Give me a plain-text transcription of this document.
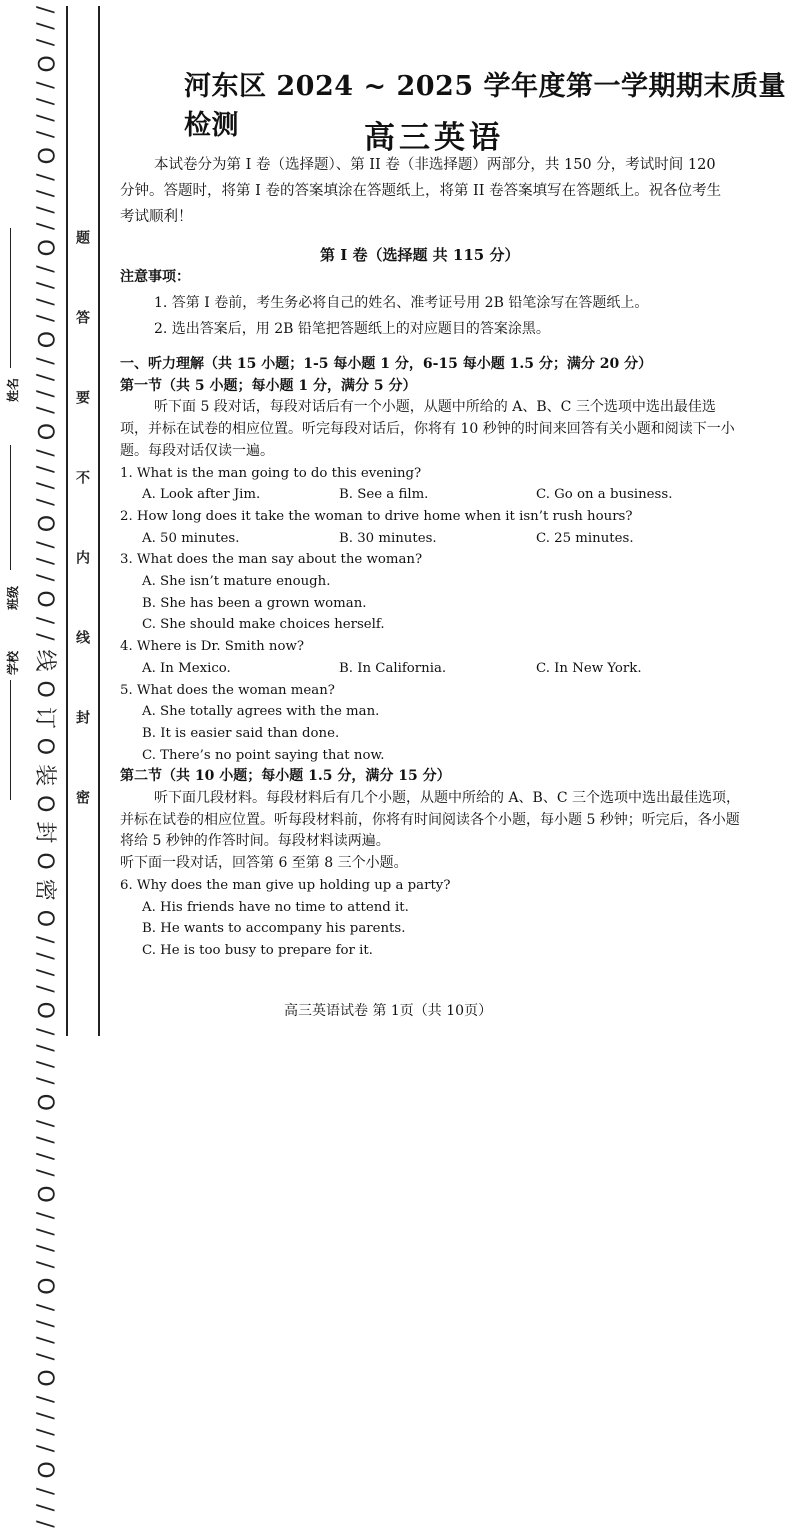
/ / / O / / / / O / / / / O / / / / O / / / / O / / / / O / / / O / / 线 O 订 O 装 O 封 O 密 O / / / / O / / / / O / / / / O / / / / O / / / / O / / / / O / / /	题
答
要
不
内
线
封
密
姓名
班级
学校
河东区 2024 ~ 2025 学年度第一学期期末质量检测	高三英语

本试卷分为第 I 卷（选择题）、第 II 卷（非选择题）两部分，共 150 分，考试时间 120 分钟。答题时，将第 I 卷的答案填涂在答题纸上，将第 II 卷答案填写在答题纸上。祝各位考生考试顺利！

第 I 卷（选择题 共 115 分）
注意事项：
1. 答第 I 卷前，考生务必将自己的姓名、准考证号用 2B 铅笔涂写在答题纸上。
2. 选出答案后，用 2B 铅笔把答题纸上的对应题目的答案涂黑。
一、听力理解（共 15 小题；1-5 每小题 1 分，6-15 每小题 1.5 分；满分 20 分）
第一节（共 5 小题；每小题 1 分，满分 5 分）
听下面 5 段对话，每段对话后有一个小题，从题中所给的 A、B、C 三个选项中选出最佳选项，并标在试卷的相应位置。听完每段对话后，你将有 10 秒钟的时间来回答有关小题和阅读下一小题。每段对话仅读一遍。
1. What is the man going to do this evening?
A. Look after Jim.	B. See a film.	C. Go on a business.
2. How long does it take the woman to drive home when it isn’t rush hours?
A. 50 minutes.	B. 30 minutes.	C. 25 minutes.
3. What does the man say about the woman?
A. She isn’t mature enough.
B. She has been a grown woman.
C. She should make choices herself.
4. Where is Dr. Smith now?
A. In Mexico.	B. In California.	C. In New York.
5. What does the woman mean?
A. She totally agrees with the man.
B. It is easier said than done.
C. There’s no point saying that now.
第二节（共 10 小题；每小题 1.5 分，满分 15 分）
听下面几段材料。每段材料后有几个小题，从题中所给的 A、B、C 三个选项中选出最佳选项，并标在试卷的相应位置。听每段材料前，你将有时间阅读各个小题，每小题 5 秒钟；听完后，各小题将给 5 秒钟的作答时间。每段材料读两遍。
听下面一段对话，回答第 6 至第 8 三个小题。
6. Why does the man give up holding up a party?
A. His friends have no time to attend it.
B. He wants to accompany his parents.
C. He is too busy to prepare for it.
高三英语试卷 第 1页（共 10页）
